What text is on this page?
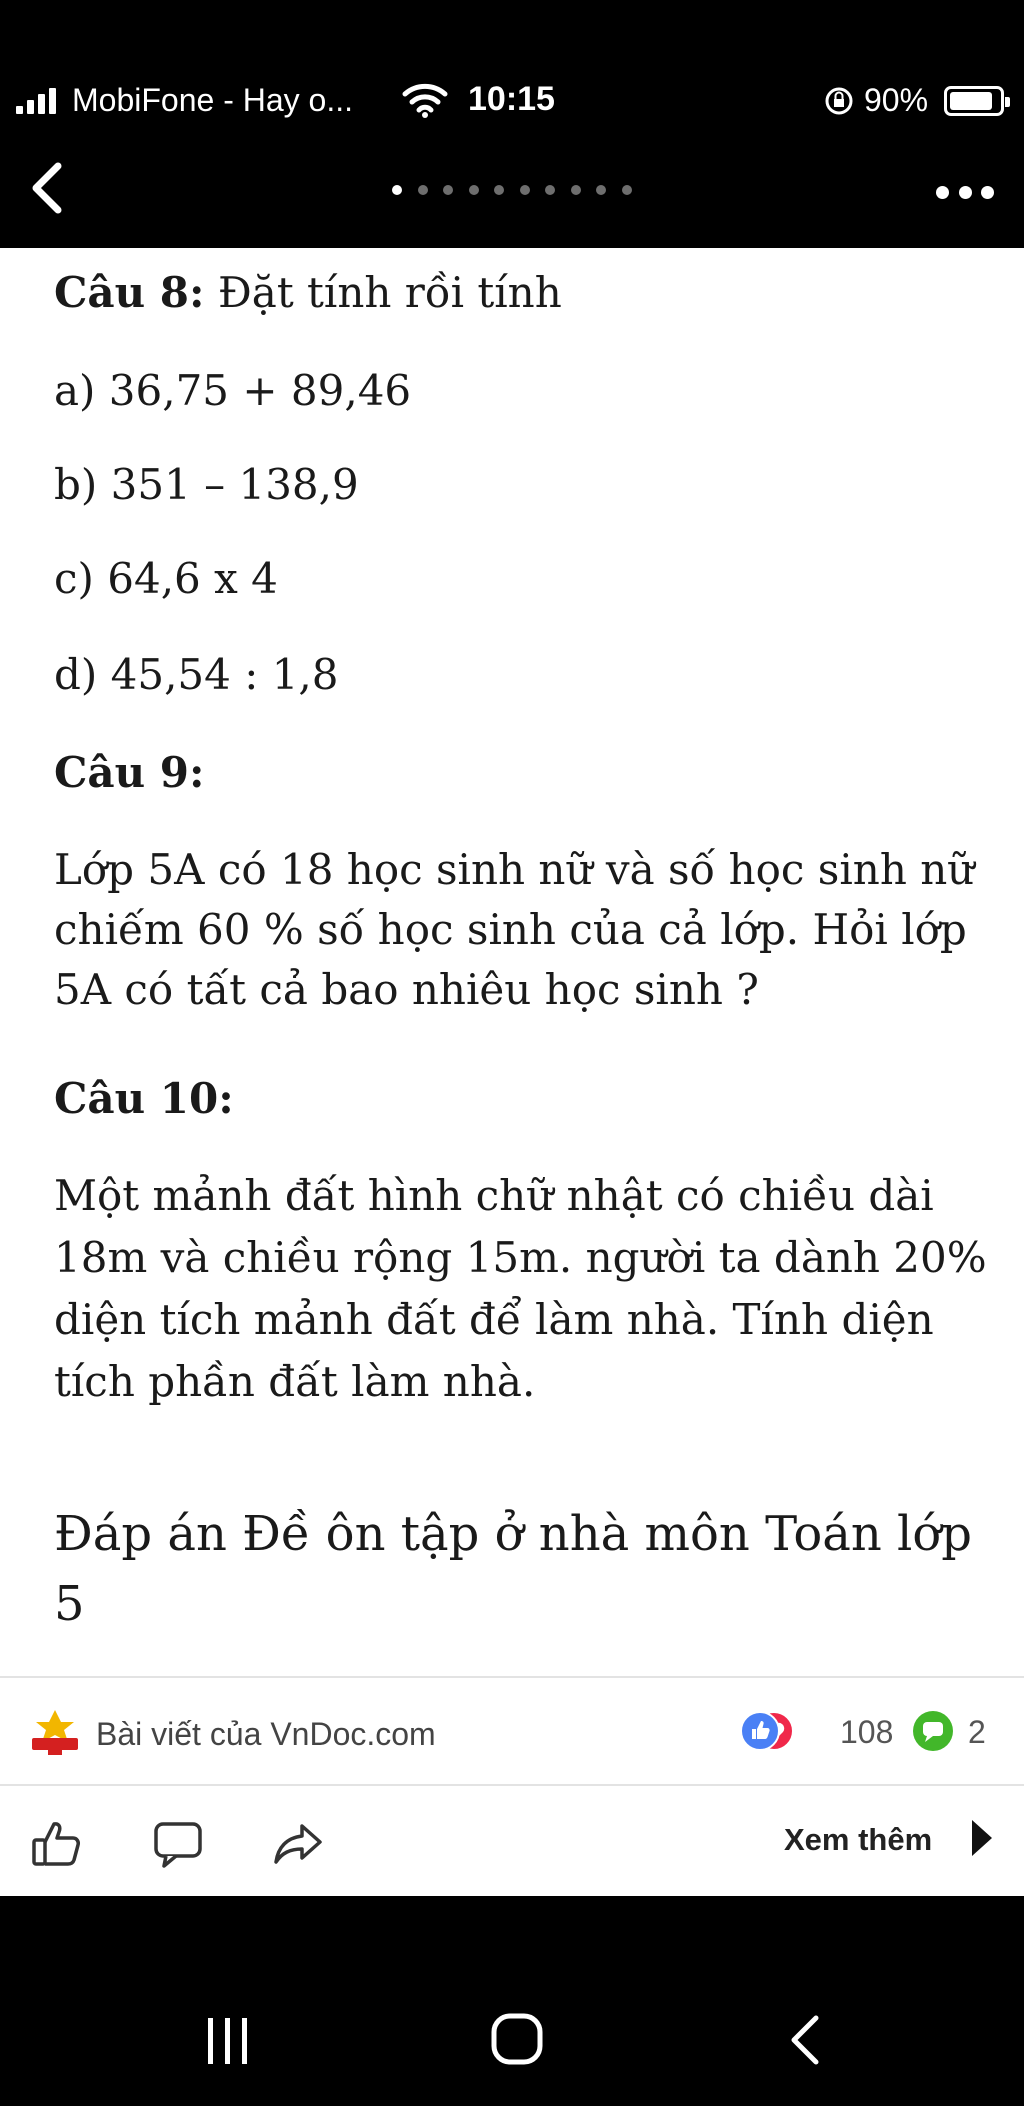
MobiFone - Hay o...	10:15	90%
Câu 8: Đặt tính rồi tính
a) 36,75 + 89,46
b) 351 – 138,9
c) 64,6 x 4
d) 45,54 : 1,8
Câu 9:
Lớp 5A có 18 học sinh nữ và số học sinh nữ
chiếm 60 % số học sinh của cả lớp. Hỏi lớp
5A có tất cả bao nhiêu học sinh ?
Câu 10:
Một mảnh đất hình chữ nhật có chiều dài
18m và chiều rộng 15m. người ta dành 20%
diện tích mảnh đất để làm nhà. Tính diện
tích phần đất làm nhà.
Đáp án Đề ôn tập ở nhà môn Toán lớp
5
Bài viết của VnDoc.com	108 2
Xem thêm
